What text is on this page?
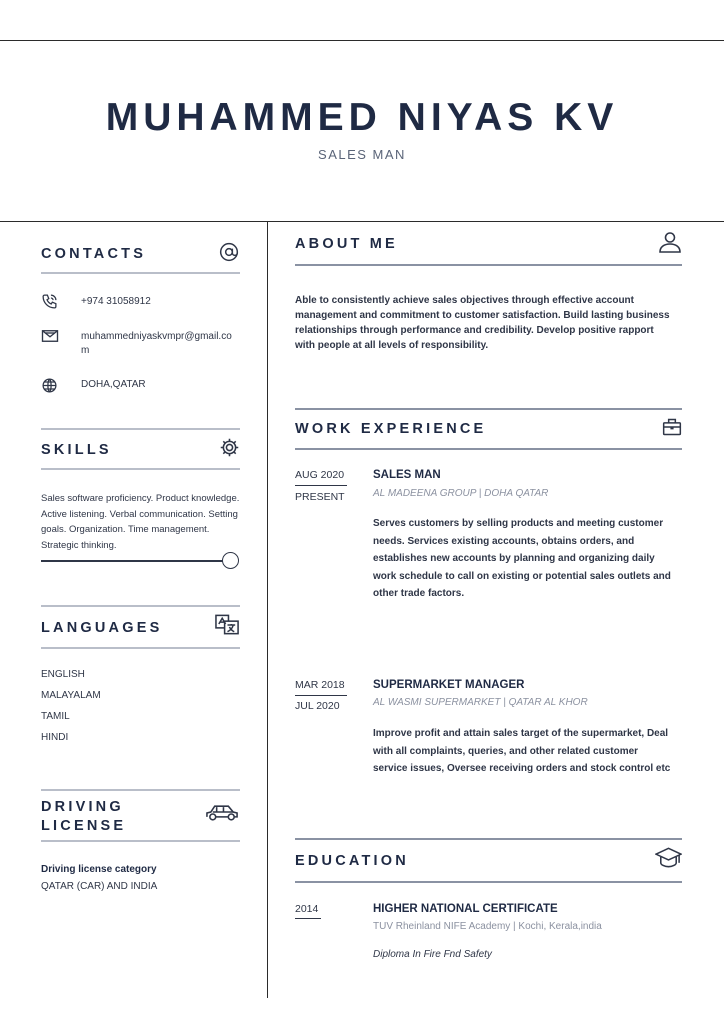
MUHAMMED NIYAS KV
SALES MAN
CONTACTS
+974 31058912
muhammedniyaskvmpr@gmail.com
DOHA,QATAR
SKILLS
Sales software proficiency. Product knowledge. Active listening. Verbal communication. Setting goals. Organization. Time management. Strategic thinking.
LANGUAGES
ENGLISH
MALAYALAM
TAMIL
HINDI
DRIVING
LICENSE
Driving license category
QATAR (CAR) AND INDIA
ABOUT ME
Able to consistently achieve sales objectives through effective account management and commitment to customer satisfaction. Build lasting business relationships through performance and credibility. Develop positive rapport with people at all levels of responsibility.
WORK EXPERIENCE
AUG 2020
PRESENT
SALES MAN
AL MADEENA GROUP | DOHA QATAR
Serves customers by selling products and meeting customer needs. Services existing accounts, obtains orders, and establishes new accounts by planning and organizing daily work schedule to call on existing or potential sales outlets and other trade factors.
MAR 2018
JUL 2020
SUPERMARKET MANAGER
AL WASMI SUPERMARKET | QATAR AL KHOR
Improve profit and attain sales target of the supermarket, Deal with all complaints, queries, and other related customer service issues, Oversee receiving orders and stock control etc
EDUCATION
2014	HIGHER NATIONAL CERTIFICATE
TUV Rheinland NIFE Academy | Kochi, Kerala,india
Diploma In Fire Fnd Safety
